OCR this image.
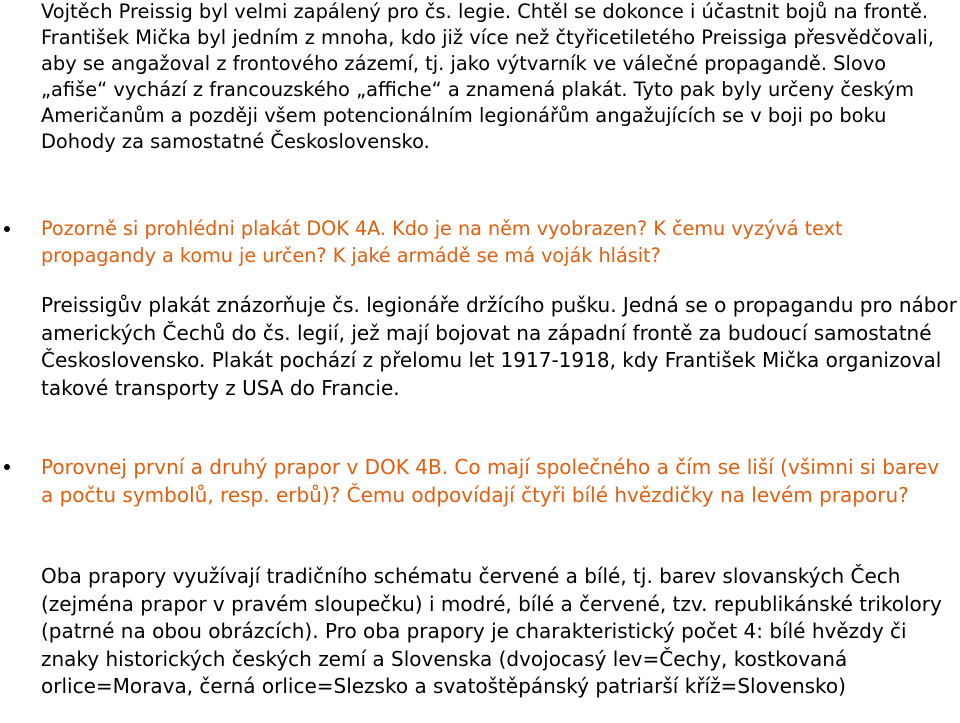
Vojtěch Preissig byl velmi zapálený pro čs. legie. Chtěl se dokonce i účastnit bojů na frontě. František Mička byl jedním z mnoha, kdo již více než čtyřicetiletého Preissiga přesvědčovali, aby se angažoval z frontového zázemí, tj. jako výtvarník ve válečné propagandě. Slovo „afiše“ vychází z francouzského „affiche“ a znamená plakát. Tyto pak byly určeny českým Američanům a později všem potencionálním legionářům angažujících se v boji po boku Dohody za samostatné Československo.

Pozorně si prohlédni plakát DOK 4A. Kdo je na něm vyobrazen? K čemu vyzývá text propagandy a komu je určen? K jaké armádě se má voják hlásit?

Preissigův plakát znázorňuje čs. legionáře držícího pušku. Jedná se o propagandu pro nábor amerických Čechů do čs. legií, jež mají bojovat na západní frontě za budoucí samostatné Československo. Plakát pochází z přelomu let 1917-1918, kdy František Mička organizoval takové transporty z USA do Francie.

Porovnej první a druhý prapor v DOK 4B. Co mají společného a čím se liší (všimni si barev a počtu symbolů, resp. erbů)? Čemu odpovídají čtyři bílé hvězdičky na levém praporu?

Oba prapory využívají tradičního schématu červené a bílé, tj. barev slovanských Čech (zejména prapor v pravém sloupečku) i modré, bílé a červené, tzv. republikánské trikolory (patrné na obou obrázcích). Pro oba prapory je charakteristický počet 4: bílé hvězdy či znaky historických českých zemí a Slovenska (dvojocasý lev=Čechy, kostkovaná orlice=Morava, černá orlice=Slezsko a svatoštěpánský patriarší kříž=Slovensko)
